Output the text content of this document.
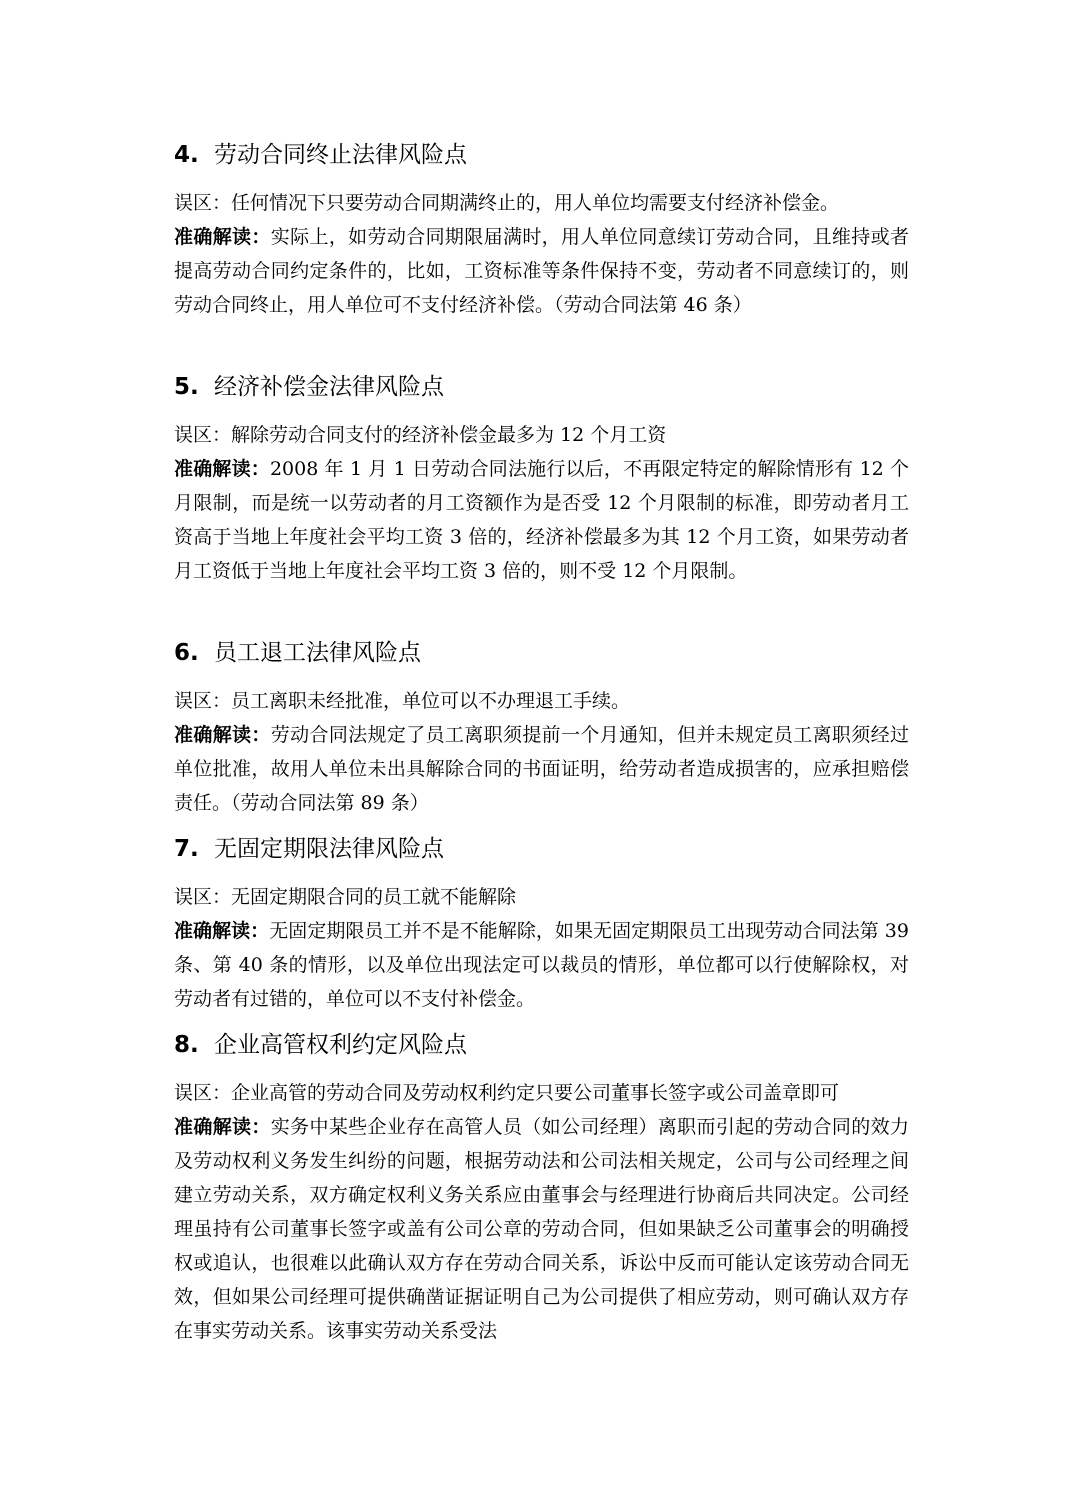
4. 劳动合同终止法律风险点

误区：任何情况下只要劳动合同期满终止的，用人单位均需要支付经济补偿金。

准确解读：实际上，如劳动合同期限届满时，用人单位同意续订劳动合同，且维持或者提高劳动合同约定条件的，比如，工资标准等条件保持不变，劳动者不同意续订的，则劳动合同终止，用人单位可不支付经济补偿。（劳动合同法第 46 条）

5. 经济补偿金法律风险点

误区：解除劳动合同支付的经济补偿金最多为 12 个月工资

准确解读：2008 年 1 月 1 日劳动合同法施行以后，不再限定特定的解除情形有 12 个月限制，而是统一以劳动者的月工资额作为是否受 12 个月限制的标准，即劳动者月工资高于当地上年度社会平均工资 3 倍的，经济补偿最多为其 12 个月工资，如果劳动者月工资低于当地上年度社会平均工资 3 倍的，则不受 12 个月限制。

6. 员工退工法律风险点

误区：员工离职未经批准，单位可以不办理退工手续。

准确解读：劳动合同法规定了员工离职须提前一个月通知，但并未规定员工离职须经过单位批准，故用人单位未出具解除合同的书面证明，给劳动者造成损害的，应承担赔偿责任。（劳动合同法第 89 条）

7. 无固定期限法律风险点

误区：无固定期限合同的员工就不能解除

准确解读：无固定期限员工并不是不能解除，如果无固定期限员工出现劳动合同法第 39 条、第 40 条的情形，以及单位出现法定可以裁员的情形，单位都可以行使解除权，对劳动者有过错的，单位可以不支付补偿金。

8. 企业高管权利约定风险点

误区：企业高管的劳动合同及劳动权利约定只要公司董事长签字或公司盖章即可

准确解读：实务中某些企业存在高管人员（如公司经理）离职而引起的劳动合同的效力及劳动权利义务发生纠纷的问题，根据劳动法和公司法相关规定，公司与公司经理之间建立劳动关系，双方确定权利义务关系应由董事会与经理进行协商后共同决定。公司经理虽持有公司董事长签字或盖有公司公章的劳动合同，但如果缺乏公司董事会的明确授权或追认，也很难以此确认双方存在劳动合同关系，诉讼中反而可能认定该劳动合同无效，但如果公司经理可提供确凿证据证明自己为公司提供了相应劳动，则可确认双方存在事实劳动关系。该事实劳动关系受法
